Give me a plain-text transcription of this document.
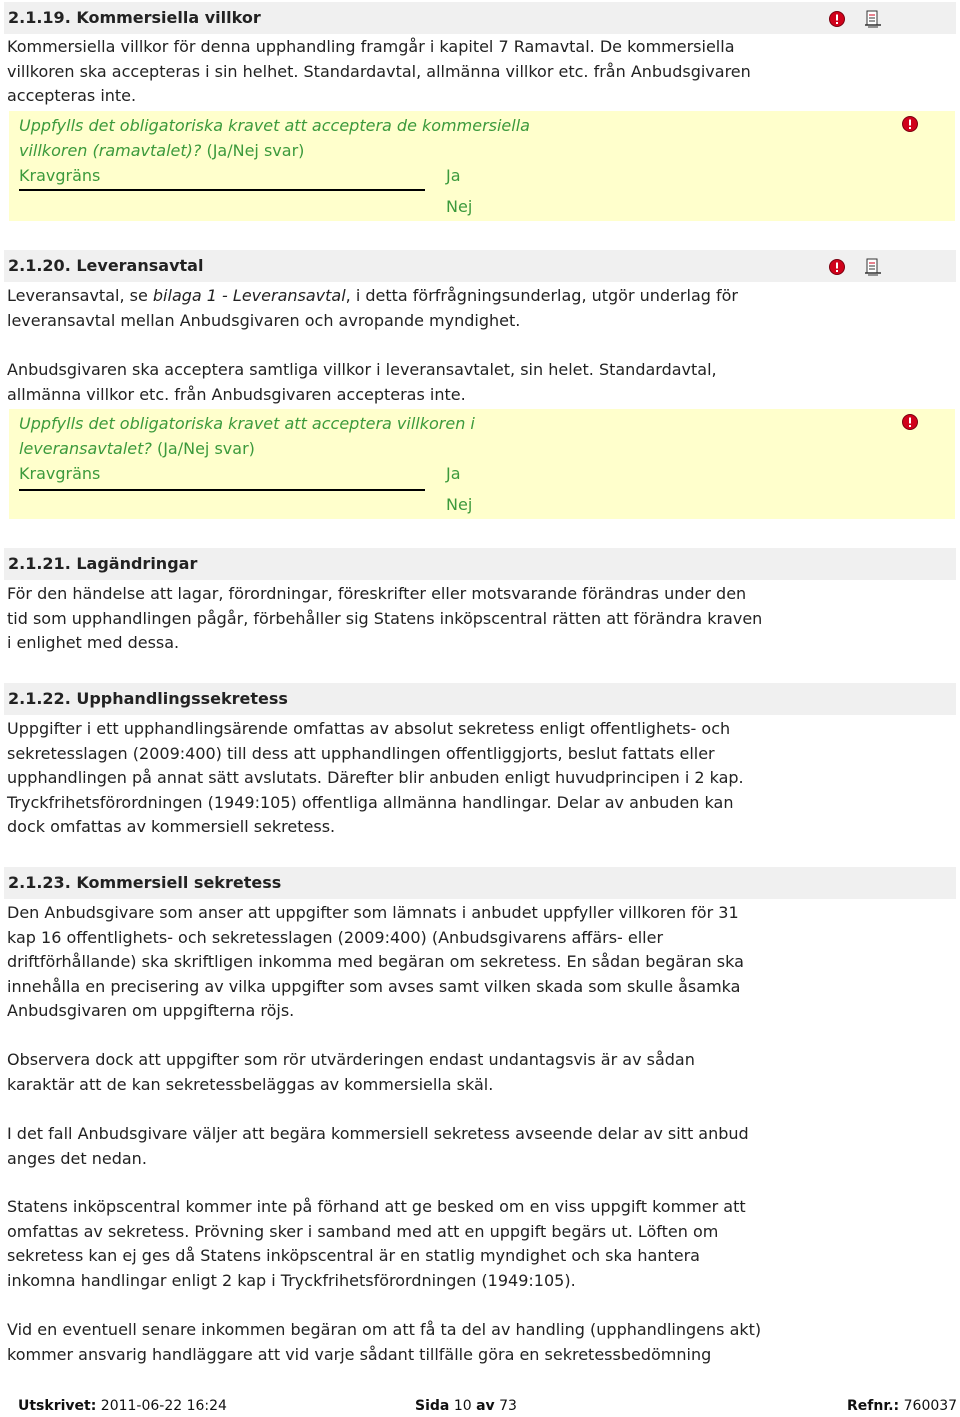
2.1.19. Kommersiella villkor
Kommersiella villkor för denna upphandling framgår i kapitel 7 Ramavtal. De kommersiella
villkoren ska accepteras i sin helhet. Standardavtal, allmänna villkor etc. från Anbudsgivaren
accepteras inte.
Uppfylls det obligatoriska kravet att acceptera de kommersiella
villkoren (ramavtalet)? (Ja/Nej svar)
Kravgräns	Ja
Nej
2.1.20. Leveransavtal
Leveransavtal, se bilaga 1 - Leveransavtal, i detta förfrågningsunderlag, utgör underlag för
leveransavtal mellan Anbudsgivaren och avropande myndighet.
Anbudsgivaren ska acceptera samtliga villkor i leveransavtalet, sin helet. Standardavtal,
allmänna villkor etc. från Anbudsgivaren accepteras inte.
Uppfylls det obligatoriska kravet att acceptera villkoren i
leveransavtalet? (Ja/Nej svar)
Kravgräns	Ja
Nej
2.1.21. Lagändringar
För den händelse att lagar, förordningar, föreskrifter eller motsvarande förändras under den
tid som upphandlingen pågår, förbehåller sig Statens inköpscentral rätten att förändra kraven
i enlighet med dessa.
2.1.22. Upphandlingssekretess
Uppgifter i ett upphandlingsärende omfattas av absolut sekretess enligt offentlighets- och
sekretesslagen (2009:400) till dess att upphandlingen offentliggjorts, beslut fattats eller
upphandlingen på annat sätt avslutats. Därefter blir anbuden enligt huvudprincipen i 2 kap.
Tryckfrihetsförordningen (1949:105) offentliga allmänna handlingar. Delar av anbuden kan
dock omfattas av kommersiell sekretess.
2.1.23. Kommersiell sekretess
Den Anbudsgivare som anser att uppgifter som lämnats i anbudet uppfyller villkoren för 31
kap 16 offentlighets- och sekretesslagen (2009:400) (Anbudsgivarens affärs- eller
driftförhållande) ska skriftligen inkomma med begäran om sekretess. En sådan begäran ska
innehålla en precisering av vilka uppgifter som avses samt vilken skada som skulle åsamka
Anbudsgivaren om uppgifterna röjs.
Observera dock att uppgifter som rör utvärderingen endast undantagsvis är av sådan
karaktär att de kan sekretessbeläggas av kommersiella skäl.
I det fall Anbudsgivare väljer att begära kommersiell sekretess avseende delar av sitt anbud
anges det nedan.
Statens inköpscentral kommer inte på förhand att ge besked om en viss uppgift kommer att
omfattas av sekretess. Prövning sker i samband med att en uppgift begärs ut. Löften om
sekretess kan ej ges då Statens inköpscentral är en statlig myndighet och ska hantera
inkomna handlingar enligt 2 kap i Tryckfrihetsförordningen (1949:105).
Vid en eventuell senare inkommen begäran om att få ta del av handling (upphandlingens akt)
kommer ansvarig handläggare att vid varje sådant tillfälle göra en sekretessbedömning
Utskrivet: 2011-06-22 16:24	Sida 10 av 73	Refnr.: 760037
